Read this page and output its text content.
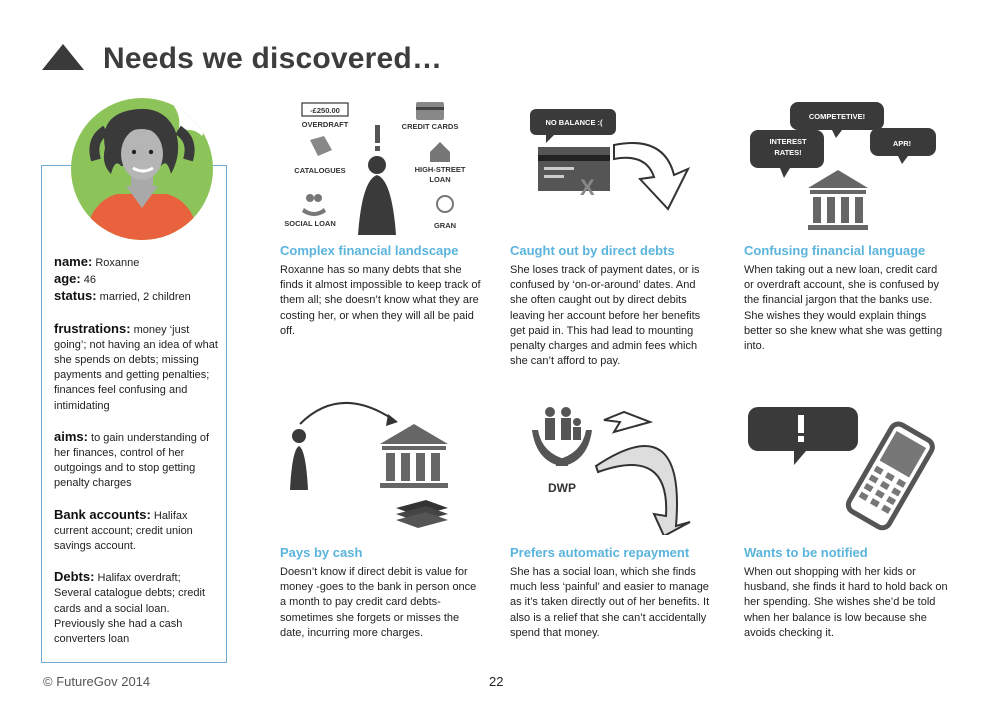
Needs we discovered…
name: Roxanne
age: 46

status: married, 2 children

frustrations: money ‘just going’; not having an idea of what she spends on debts; missing payments and getting penalties; finances feel confusing and intimidating

aims: to gain understanding of her finances, control of her outgoings and to stop getting penalty charges

Bank accounts: Halifax current account; credit union savings account.

Debts: Halifax overdraft; Several catalogue debts; credit cards and a social loan. Previously she had a cash converters loan

-£250.00
OVERDRAFT	CREDIT CARDS
CATALOGUES	HIGH-STREET
LOAN
SOCIAL LOAN	GRAN
Complex financial landscape
Roxanne has so many debts that she finds it almost impossible to keep track of them all; she doesn’t know what they are costing her, or when they will all be paid off.
NO BALANCE :(
X
Caught out by direct debts
She loses track of payment dates, or is confused by ‘on-or-around’ dates. And she often caught out by direct debits leaving her account before her benefits get paid in. This had lead to mounting penalty charges and admin fees which she can’t afford to pay.
COMPETETIVE!
INTEREST
RATES!
APR!
Confusing financial language
When taking out a new loan, credit card or overdraft account, she is confused by the financial jargon that the banks use. She wishes they would explain things better so she knew what she was getting into.
Pays by cash
Doesn’t know if direct debit is value for money -goes to the bank in person once a month to pay credit card debts- sometimes she forgets or misses the date, incurring more charges.
DWP
Prefers automatic repayment
She has a social loan, which she finds much less ‘painful’ and easier to manage as it’s taken directly out of her benefits. It also is a relief that she can’t accidentally spend that money.
Wants to be notified
When out shopping with her kids or husband, she finds it hard to hold back on her spending. She wishes she’d be told when her balance is low because she avoids checking it.
© FutureGov 2014	22
